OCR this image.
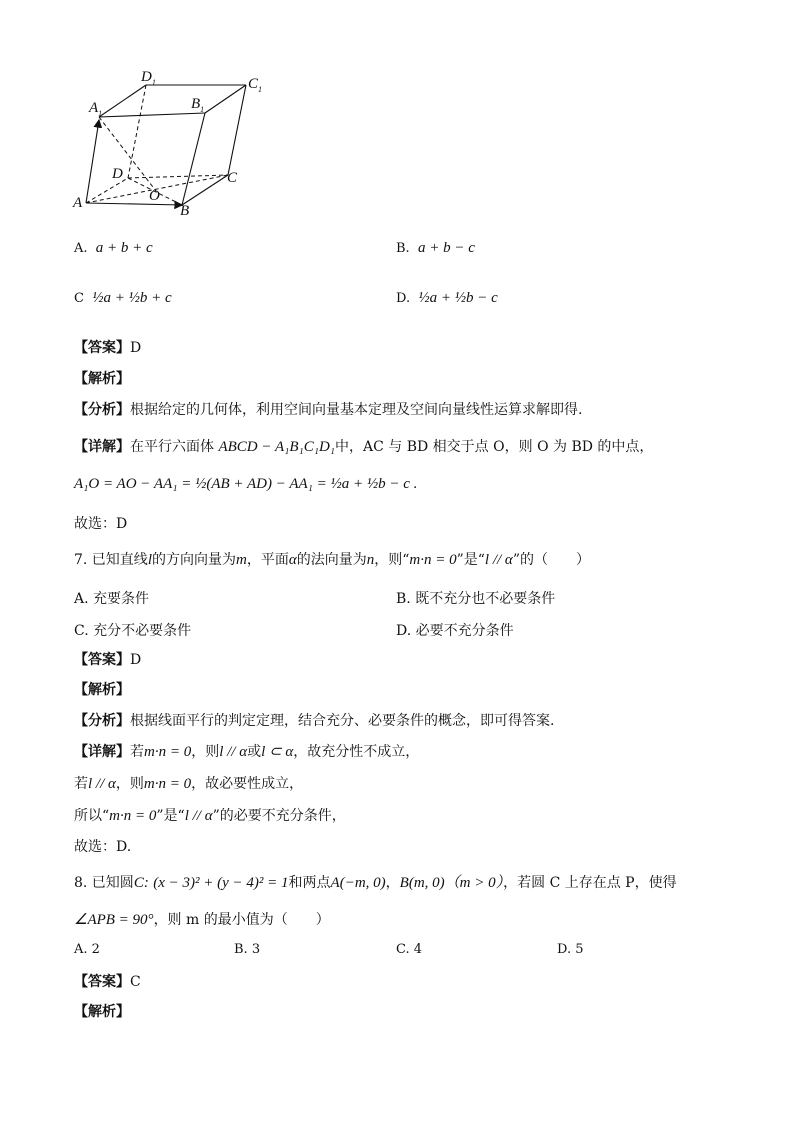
$D_1$	$C_1$
$A_1$
$B_1$
D	C
O
A	B
A. a + b + c	B. a + b − c
C ½a + ½b + c	D. ½a + ½b − c
【答案】D
【解析】
【分析】根据给定的几何体，利用空间向量基本定理及空间向量线性运算求解即得.
【详解】在平行六面体 ABCD − A₁B₁C₁D₁中，AC 与 BD 相交于点 O，则 O 为 BD 的中点，
A₁O = AO − AA₁ = ½(AB + AD) − AA₁ = ½a + ½b − c .
故选：D
7. 已知直线l的方向向量为m，平面α的法向量为n，则“m·n = 0”是“l // α”的（　　）
A. 充要条件	B. 既不充分也不必要条件
C. 充分不必要条件	D. 必要不充分条件
【答案】D
【解析】
【分析】根据线面平行的判定定理，结合充分、必要条件的概念，即可得答案.
【详解】若m·n = 0，则l // α或l ⊂ α，故充分性不成立，
若l // α，则m·n = 0，故必要性成立，
所以“m·n = 0”是“l // α”的必要不充分条件，
故选：D.
8. 已知圆C: (x − 3)² + (y − 4)² = 1和两点A(−m, 0)，B(m, 0)（m > 0），若圆 C 上存在点 P，使得
∠APB = 90°，则 m 的最小值为（　　）
A. 2	B. 3	C. 4	D. 5
【答案】C
【解析】
